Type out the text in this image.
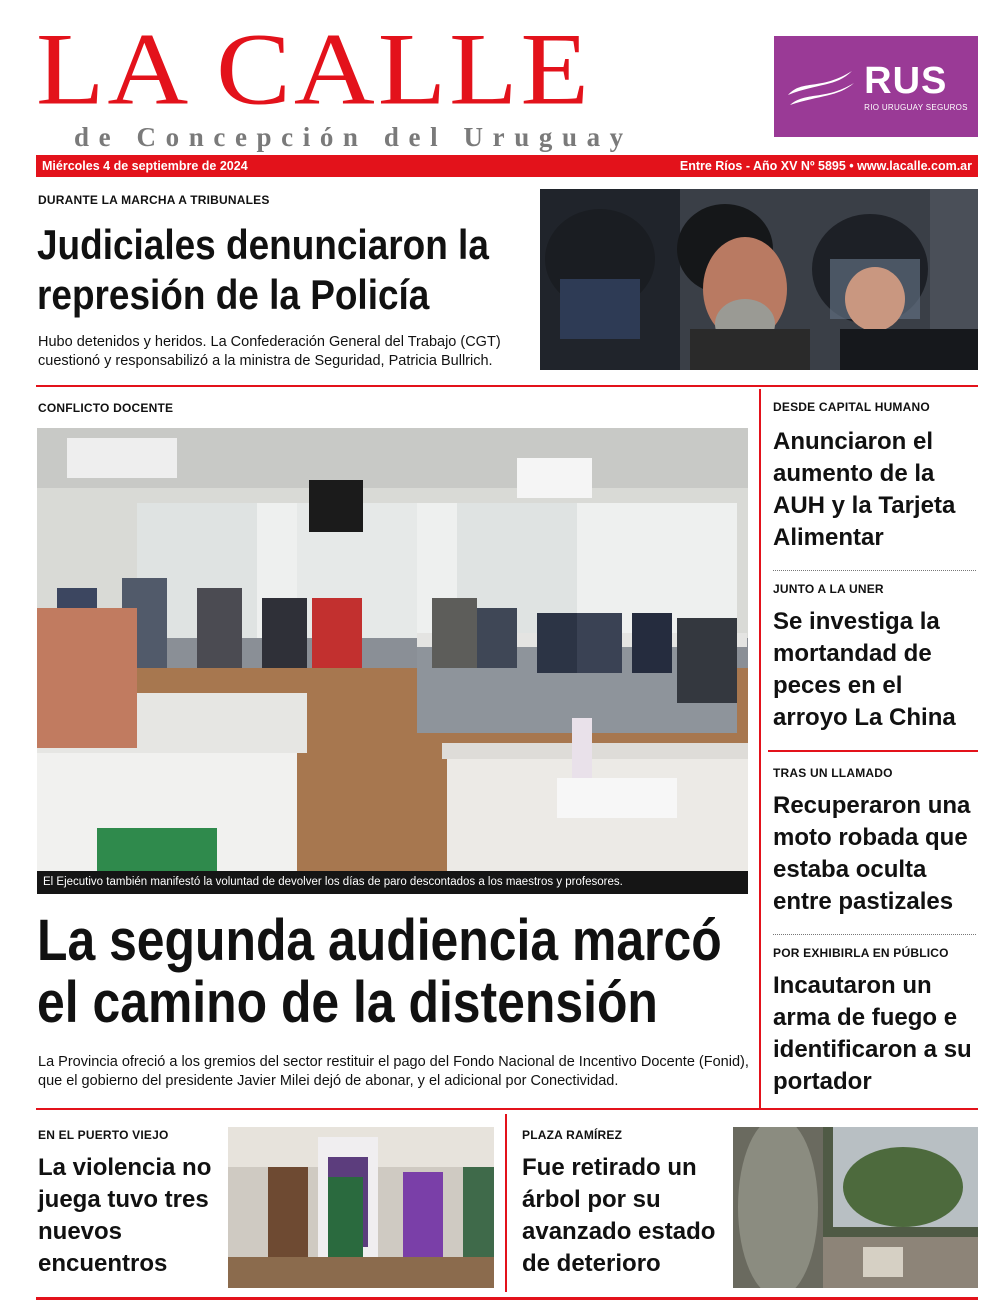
LA CALLE
de Concepción del Uruguay
RUS
RIO URUGUAY SEGUROS
Miércoles 4 de septiembre de 2024	Entre Ríos - Año XV Nº 5895 • www.lacalle.com.ar
DURANTE LA MARCHA A TRIBUNALES
Judiciales denunciaron la
represión de la Policía
Hubo detenidos y heridos. La Confederación General del Trabajo (CGT) cuestionó y responsabilizó a la ministra de Seguridad, Patricia Bullrich.
CONFLICTO DOCENTE
El Ejecutivo también manifestó la voluntad de devolver los días de paro descontados a los maestros y profesores.
La segunda audiencia marcó
el camino de la distensión
La Provincia ofreció a los gremios del sector restituir el pago del Fondo Nacional de Incentivo Docente (Fonid), que el gobierno del presidente Javier Milei dejó de abonar, y el adicional por Conectividad.
DESDE CAPITAL HUMANO
Anunciaron el aumento de la AUH y la Tarjeta Alimentar
JUNTO A LA UNER
Se investiga la mortandad de peces en el arroyo La China
TRAS UN LLAMADO
Recuperaron una moto robada que estaba oculta entre pastizales
POR EXHIBIRLA EN PÚBLICO
Incautaron un arma de fuego e identificaron a su portador
EN EL PUERTO VIEJO
La violencia no juega tuvo tres nuevos encuentros
PLAZA RAMÍREZ
Fue retirado un árbol por su avanzado estado de deterioro
